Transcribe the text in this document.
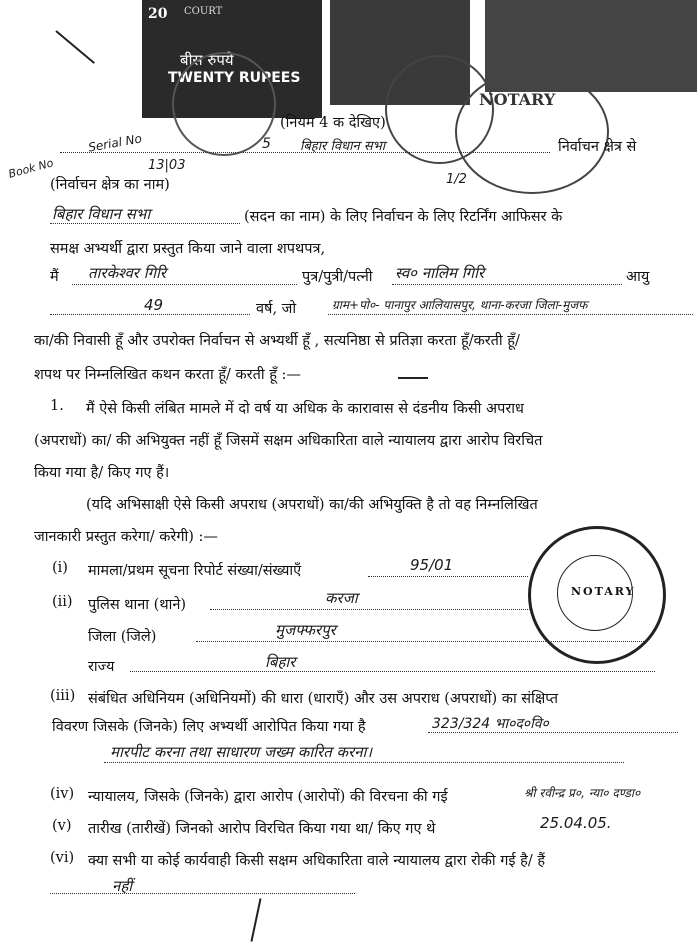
20 COURT
बीस रुपये
TWENTY RUPEES
NOTARY
(नियम 4 क देखिए)
Serial No	5 बिहार विधान सभा	निर्वाचन क्षेत्र से
Book No	13|03
1/2
(निर्वाचन क्षेत्र का नाम)
बिहार विधान सभा	(सदन का नाम) के लिए निर्वाचन के लिए रिटर्निंग आफिसर के
समक्ष अभ्यर्थी द्वारा प्रस्तुत किया जाने वाला शपथपत्र,
मैं तारकेश्वर गिरि	पुत्र/पुत्री/पत्नी स्व० नालिम गिरि	आयु
49	वर्ष, जो	ग्राम+पो०- पानापुर आलियासपुर, थाना-करजा जिला-मुजफ
का/की निवासी हूँ और उपरोक्त निर्वाचन से अभ्यर्थी हूँ , सत्यनिष्ठा से प्रतिज्ञा करता हूँ/करती हूँ/
शपथ पर निम्नलिखित कथन करता हूँ/ करती हूँ :—
1. मैं ऐसे किसी लंबित मामले में दो वर्ष या अधिक के कारावास से दंडनीय किसी अपराध
(अपराधों) का/ की अभियुक्त नहीं हूँ जिसमें सक्षम अधिकारिता वाले न्यायालय द्वारा आरोप विरचित
किया गया है/ किए गए हैं।
(यदि अभिसाक्षी ऐसे किसी अपराध (अपराधों) का/की अभियुक्ति है तो वह निम्नलिखित
जानकारी प्रस्तुत करेगा/ करेगी) :—
NOTARY
(i) मामला/प्रथम सूचना रिपोर्ट संख्या/संख्याएँ	95/01
(ii) पुलिस थाना (थाने)	करजा
जिला (जिले)	मुजफ्फरपुर
राज्य	बिहार
(iii) संबंधित अधिनियम (अधिनियमों) की धारा (धाराएँ) और उस अपराध (अपराधों) का संक्षिप्त
विवरण जिसके (जिनके) लिए अभ्यर्थी आरोपित किया गया है	323/324 भा०द०वि०
मारपीट करना तथा साधारण जख्म कारित करना।
(iv) न्यायालय, जिसके (जिनके) द्वारा आरोप (आरोपों) की विरचना की गई	श्री रवीन्द्र प्र०, न्या० दण्डा०
(v) तारीख (तारीखें) जिनको आरोप विरचित किया गया था/ किए गए थे	25.04.05.
(vi) क्या सभी या कोई कार्यवाही किसी सक्षम अधिकारिता वाले न्यायालय द्वारा रोकी गई है/ हैं
नहीं
